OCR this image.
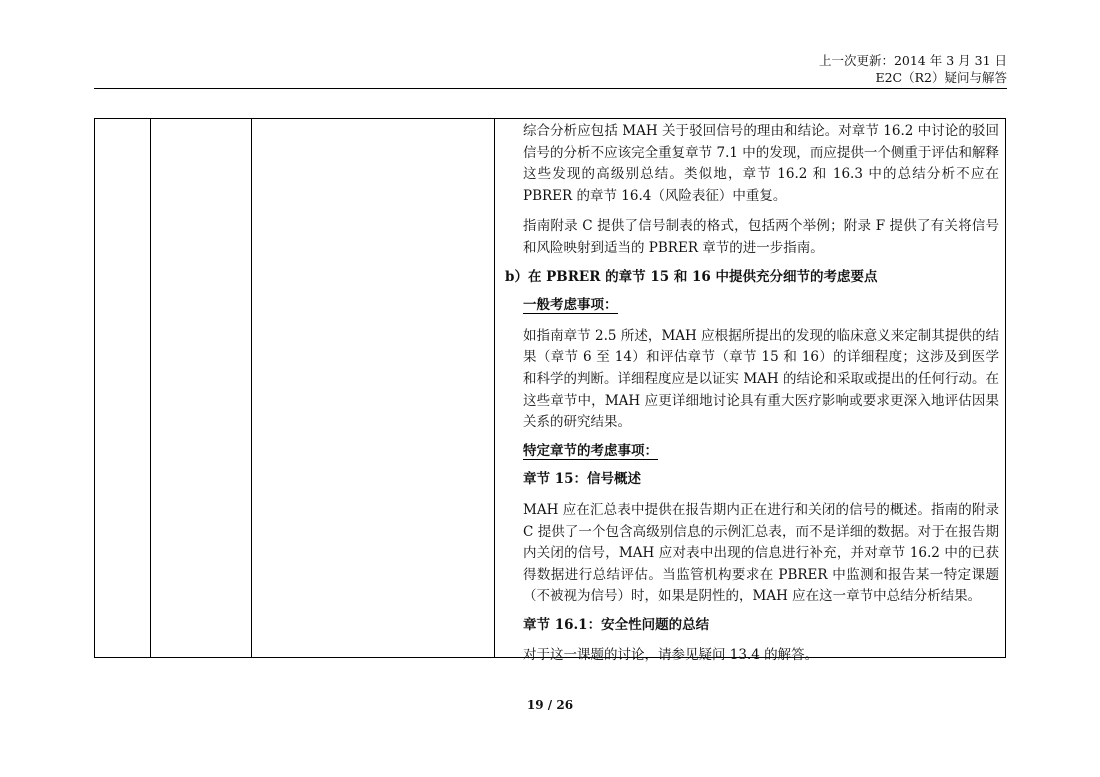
上一次更新：2014 年 3 月 31 日
E2C（R2）疑问与解答

综合分析应包括 MAH 关于驳回信号的理由和结论。对章节 16.2 中讨论的驳回信号的分析不应该完全重复章节 7.1 中的发现，而应提供一个侧重于评估和解释这些发现的高级别总结。类似地，章节 16.2 和 16.3 中的总结分析不应在 PBRER 的章节 16.4（风险表征）中重复。

指南附录 C 提供了信号制表的格式，包括两个举例；附录 F 提供了有关将信号和风险映射到适当的 PBRER 章节的进一步指南。

b）在 PBRER 的章节 15 和 16 中提供充分细节的考虑要点

一般考虑事项：

如指南章节 2.5 所述，MAH 应根据所提出的发现的临床意义来定制其提供的结果（章节 6 至 14）和评估章节（章节 15 和 16）的详细程度；这涉及到医学和科学的判断。详细程度应是以证实 MAH 的结论和采取或提出的任何行动。在这些章节中，MAH 应更详细地讨论具有重大医疗影响或要求更深入地评估因果关系的研究结果。

特定章节的考虑事项：

章节 15：信号概述

MAH 应在汇总表中提供在报告期内正在进行和关闭的信号的概述。指南的附录 C 提供了一个包含高级别信息的示例汇总表，而不是详细的数据。对于在报告期内关闭的信号，MAH 应对表中出现的信息进行补充，并对章节 16.2 中的已获得数据进行总结评估。当监管机构要求在 PBRER 中监测和报告某一特定课题（不被视为信号）时，如果是阴性的，MAH 应在这一章节中总结分析结果。

章节 16.1：安全性问题的总结

对于这一课题的讨论，请参见疑问 13.4 的解答。

19 / 26
